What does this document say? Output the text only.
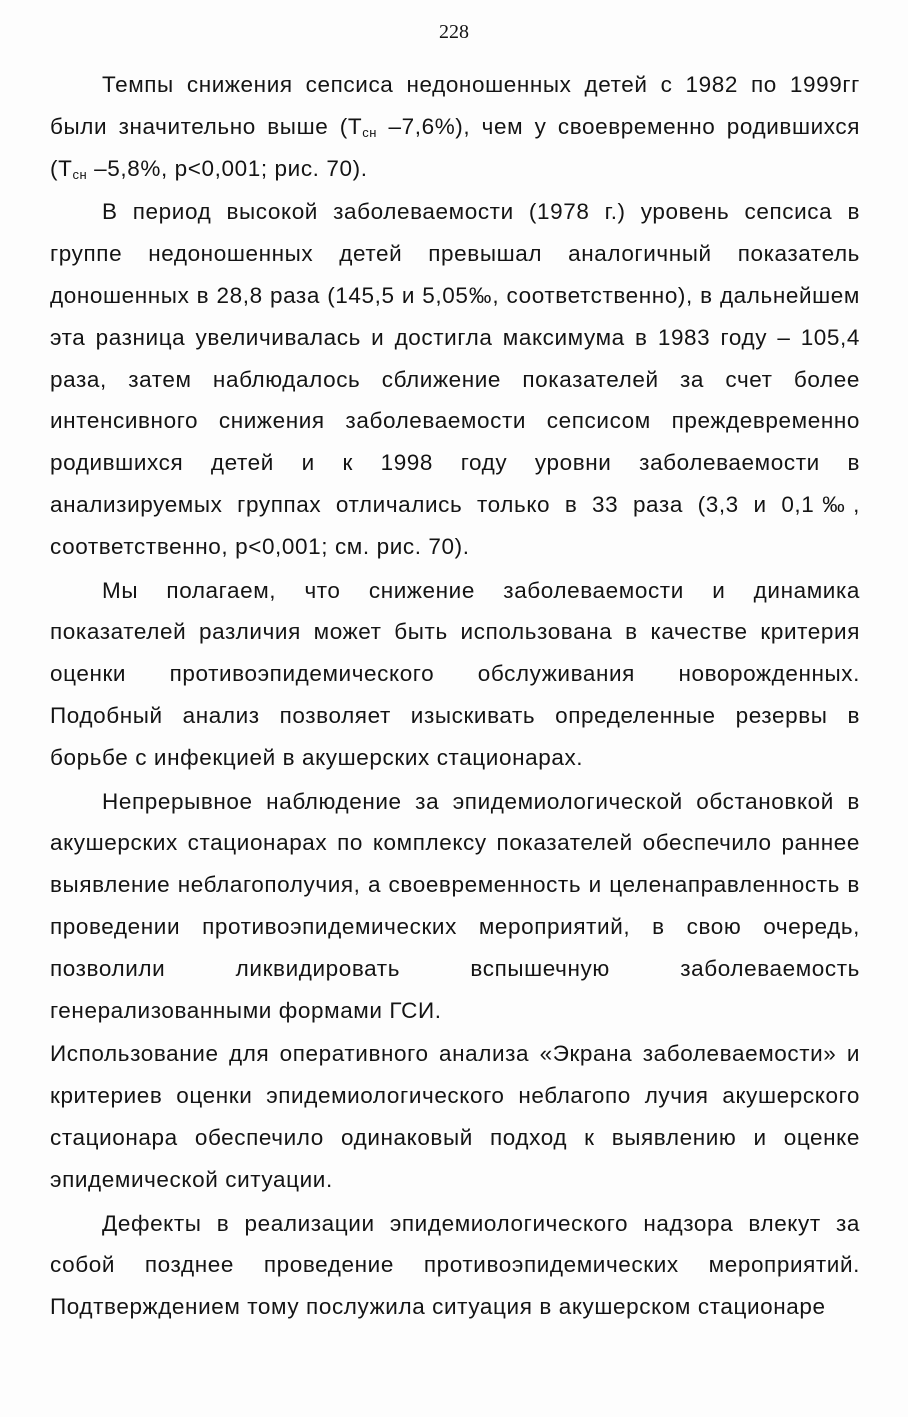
228

Темпы снижения сепсиса недоношенных детей с 1982 по 1999гг были значительно выше ($Т_{сн}$ –7,6%), чем у своевременно родившихся ($Т_{сн}$ –5,8%, р<0,001; рис. 70).

В период высокой заболеваемости (1978 г.) уровень сепсиса в группе недоношенных детей превышал аналогичный показатель доношенных в 28,8 раза (145,5 и 5,05‰, соответственно), в дальнейшем эта разница увеличивалась и достигла максимума в 1983 году – 105,4 раза, затем наблюдалось сближение показателей за счет более интенсивного снижения заболеваемости сепсисом преждевременно родившихся детей и к 1998 году уровни заболеваемости в анализируемых группах отличались только в 33 раза (3,3 и 0,1‰, соответственно, р<0,001; см. рис. 70).

Мы полагаем, что снижение заболеваемости и динамика показателей различия может быть использована в качестве критерия оценки противоэпидемического обслуживания новорожденных. Подобный анализ позволяет изыскивать определенные резервы в борьбе с инфекцией в акушерских стационарах.

Непрерывное наблюдение за эпидемиологической обстановкой в акушерских стационарах по комплексу показателей обеспечило раннее выявление неблагополучия, а своевременность и целенаправленность в проведении противоэпидемических мероприятий, в свою очередь, позволили ликвидировать вспышечную заболеваемость генерализованными формами ГСИ.

Использование для оперативного анализа «Экрана заболеваемости» и критериев оценки эпидемиологического неблагопо лучия акушерского стационара обеспечило одинаковый подход к выявлению и оценке эпидемической ситуации.

Дефекты в реализации эпидемиологического надзора влекут за собой позднее проведение противоэпидемических мероприятий. Подтверждением тому послужила ситуация в акушерском стационаре
